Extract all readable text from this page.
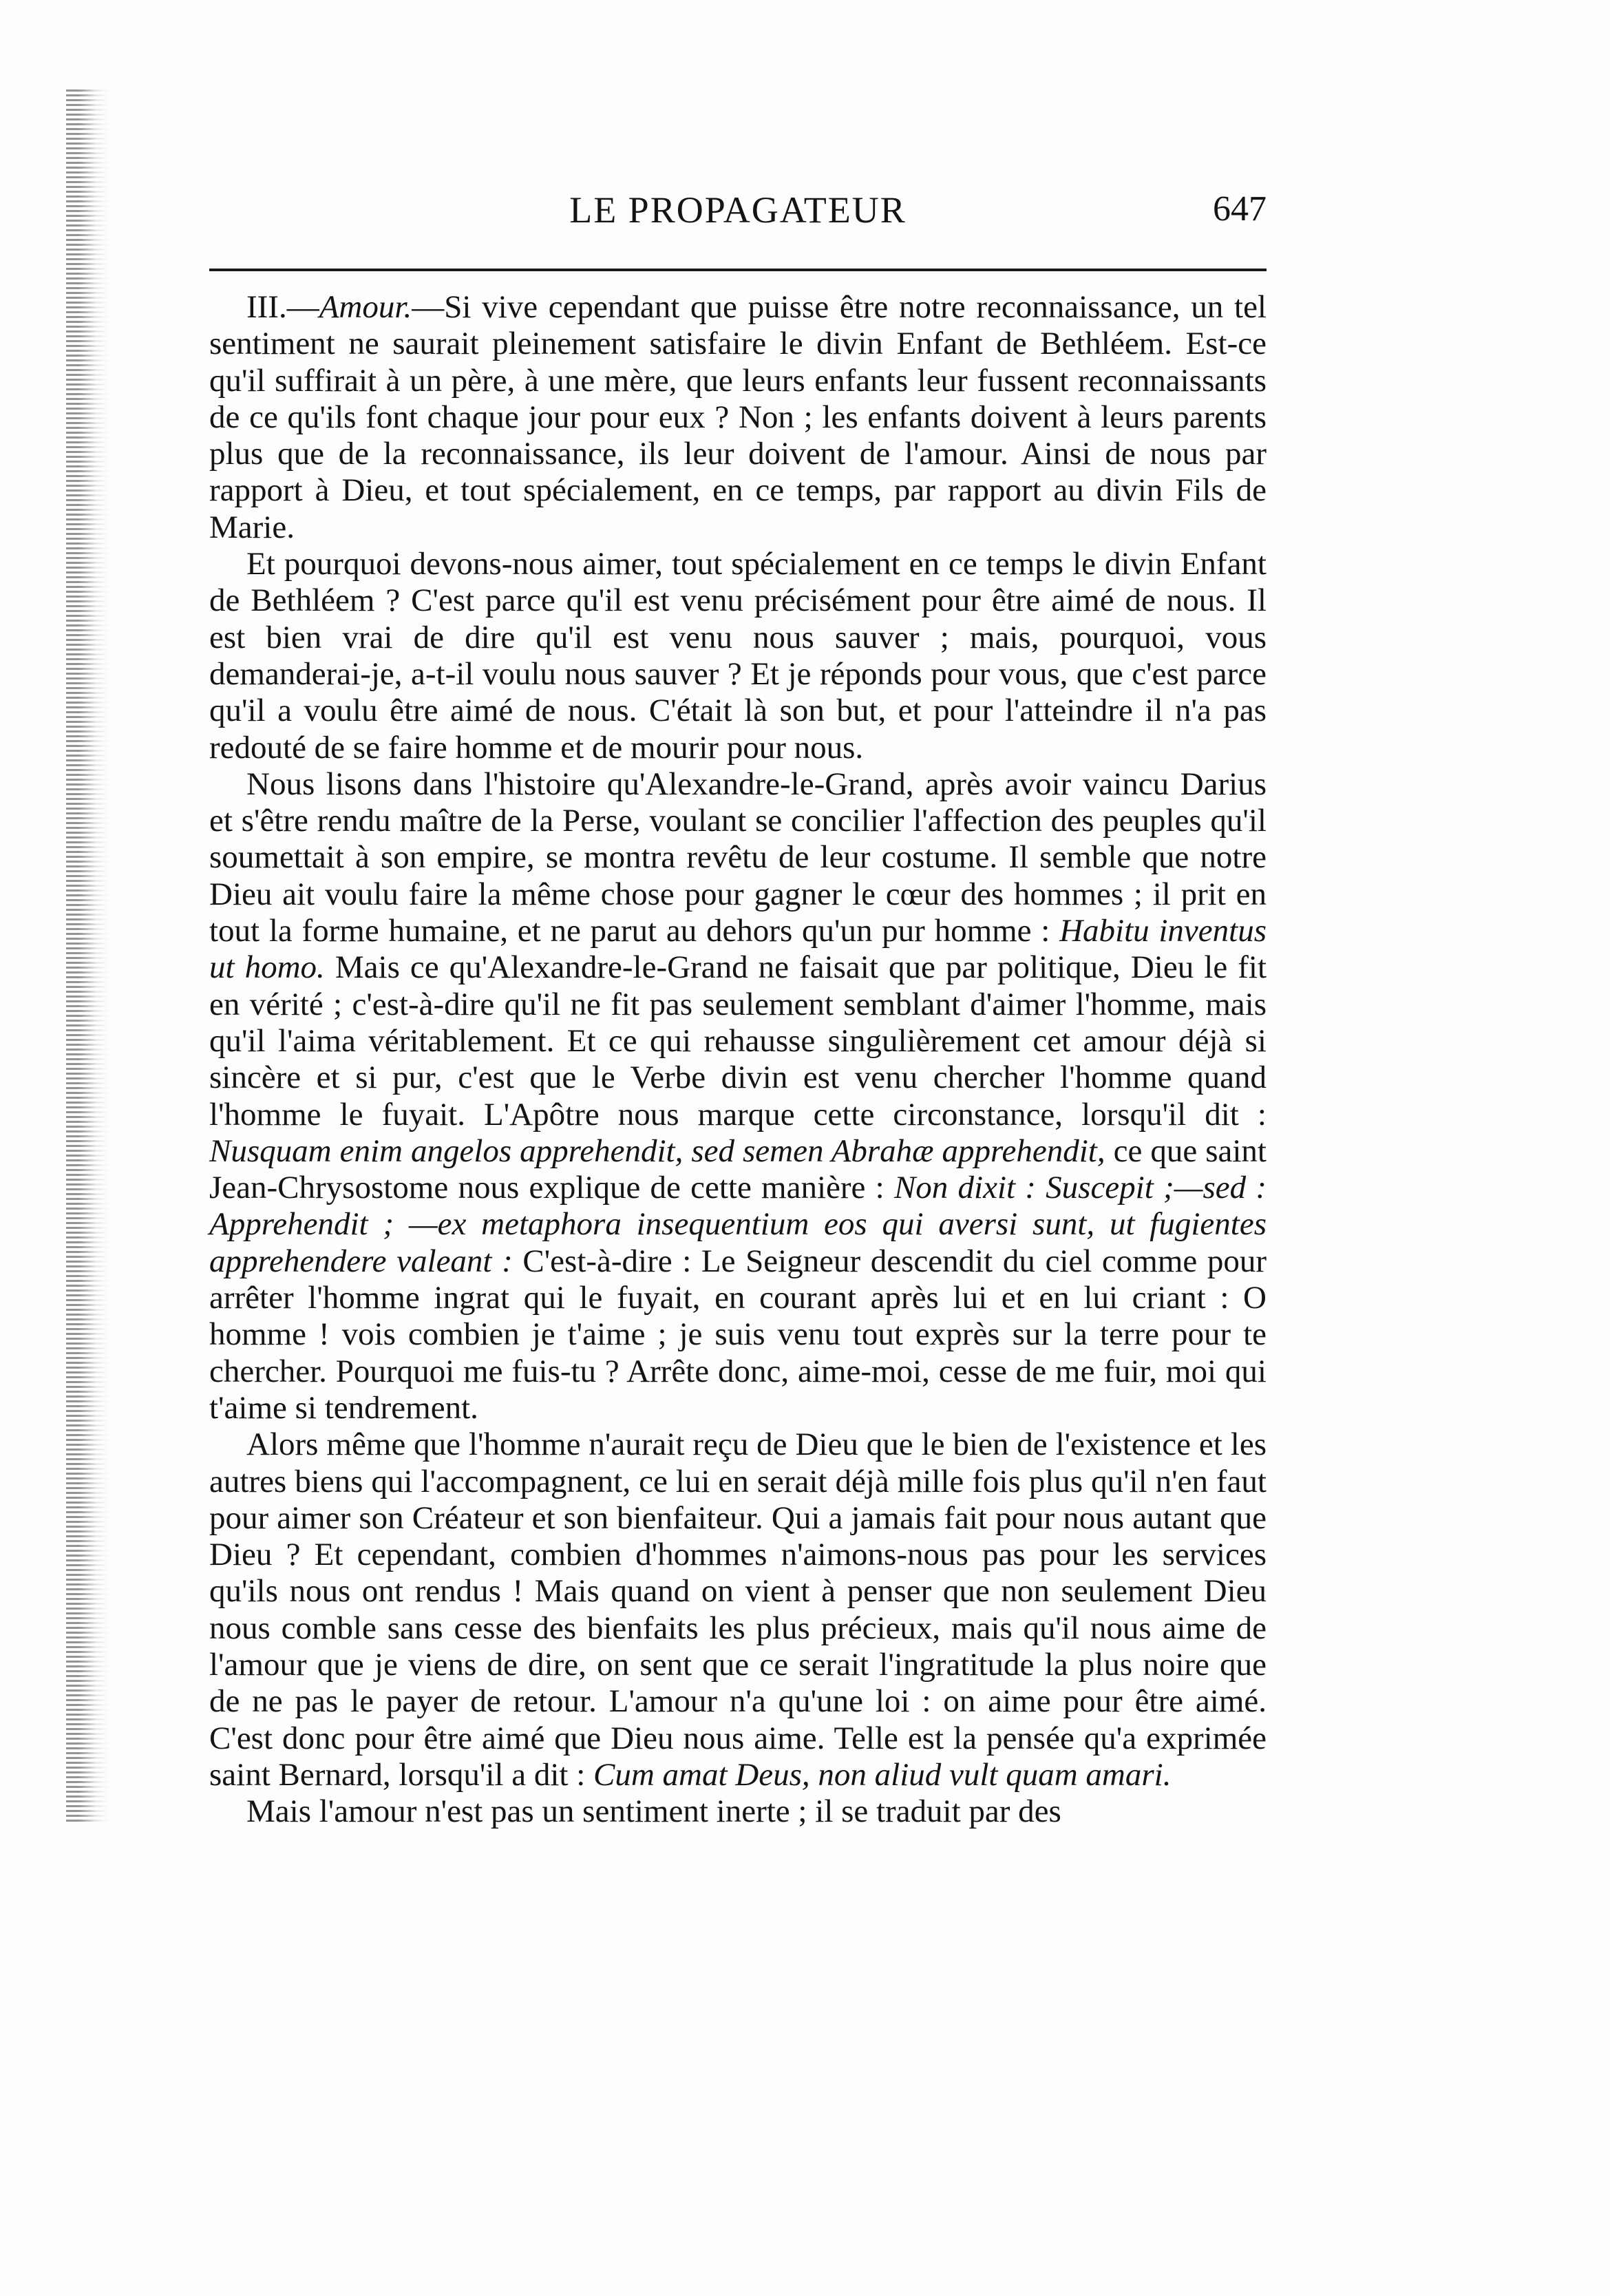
LE PROPAGATEUR	647

III.—Amour.—Si vive cependant que puisse être notre reconnaissance, un tel sentiment ne saurait pleinement satisfaire le divin Enfant de Bethléem. Est-ce qu'il suffirait à un père, à une mère, que leurs enfants leur fussent reconnaissants de ce qu'ils font chaque jour pour eux ? Non ; les enfants doivent à leurs parents plus que de la reconnaissance, ils leur doivent de l'amour. Ainsi de nous par rapport à Dieu, et tout spécialement, en ce temps, par rapport au divin Fils de Marie.

Et pourquoi devons-nous aimer, tout spécialement en ce temps le divin Enfant de Bethléem ? C'est parce qu'il est venu précisément pour être aimé de nous. Il est bien vrai de dire qu'il est venu nous sauver ; mais, pourquoi, vous demanderai-je, a-t-il voulu nous sauver ? Et je réponds pour vous, que c'est parce qu'il a voulu être aimé de nous. C'était là son but, et pour l'atteindre il n'a pas redouté de se faire homme et de mourir pour nous.

Nous lisons dans l'histoire qu'Alexandre-le-Grand, après avoir vaincu Darius et s'être rendu maître de la Perse, voulant se concilier l'affection des peuples qu'il soumettait à son empire, se montra revêtu de leur costume. Il semble que notre Dieu ait voulu faire la même chose pour gagner le cœur des hommes ; il prit en tout la forme humaine, et ne parut au dehors qu'un pur homme : Habitu inventus ut homo. Mais ce qu'Alexandre-le-Grand ne faisait que par politique, Dieu le fit en vérité ; c'est-à-dire qu'il ne fit pas seulement semblant d'aimer l'homme, mais qu'il l'aima véritablement. Et ce qui rehausse singulièrement cet amour déjà si sincère et si pur, c'est que le Verbe divin est venu chercher l'homme quand l'homme le fuyait. L'Apôtre nous marque cette circonstance, lorsqu'il dit : Nusquam enim angelos apprehendit, sed semen Abrahæ apprehendit, ce que saint Jean-Chrysostome nous explique de cette manière : Non dixit : Suscepit ;—sed : Apprehendit ; —ex metaphora insequentium eos qui aversi sunt, ut fugientes apprehendere valeant : C'est-à-dire : Le Seigneur descendit du ciel comme pour arrêter l'homme ingrat qui le fuyait, en courant après lui et en lui criant : O homme ! vois combien je t'aime ; je suis venu tout exprès sur la terre pour te chercher. Pourquoi me fuis-tu ? Arrête donc, aime-moi, cesse de me fuir, moi qui t'aime si tendrement.

Alors même que l'homme n'aurait reçu de Dieu que le bien de l'existence et les autres biens qui l'accompagnent, ce lui en serait déjà mille fois plus qu'il n'en faut pour aimer son Créateur et son bienfaiteur. Qui a jamais fait pour nous autant que Dieu ? Et cependant, combien d'hommes n'aimons-nous pas pour les services qu'ils nous ont rendus ! Mais quand on vient à penser que non seulement Dieu nous comble sans cesse des bienfaits les plus précieux, mais qu'il nous aime de l'amour que je viens de dire, on sent que ce serait l'ingratitude la plus noire que de ne pas le payer de retour. L'amour n'a qu'une loi : on aime pour être aimé. C'est donc pour être aimé que Dieu nous aime. Telle est la pensée qu'a exprimée saint Bernard, lorsqu'il a dit : Cum amat Deus, non aliud vult quam amari.

Mais l'amour n'est pas un sentiment inerte ; il se traduit par des
